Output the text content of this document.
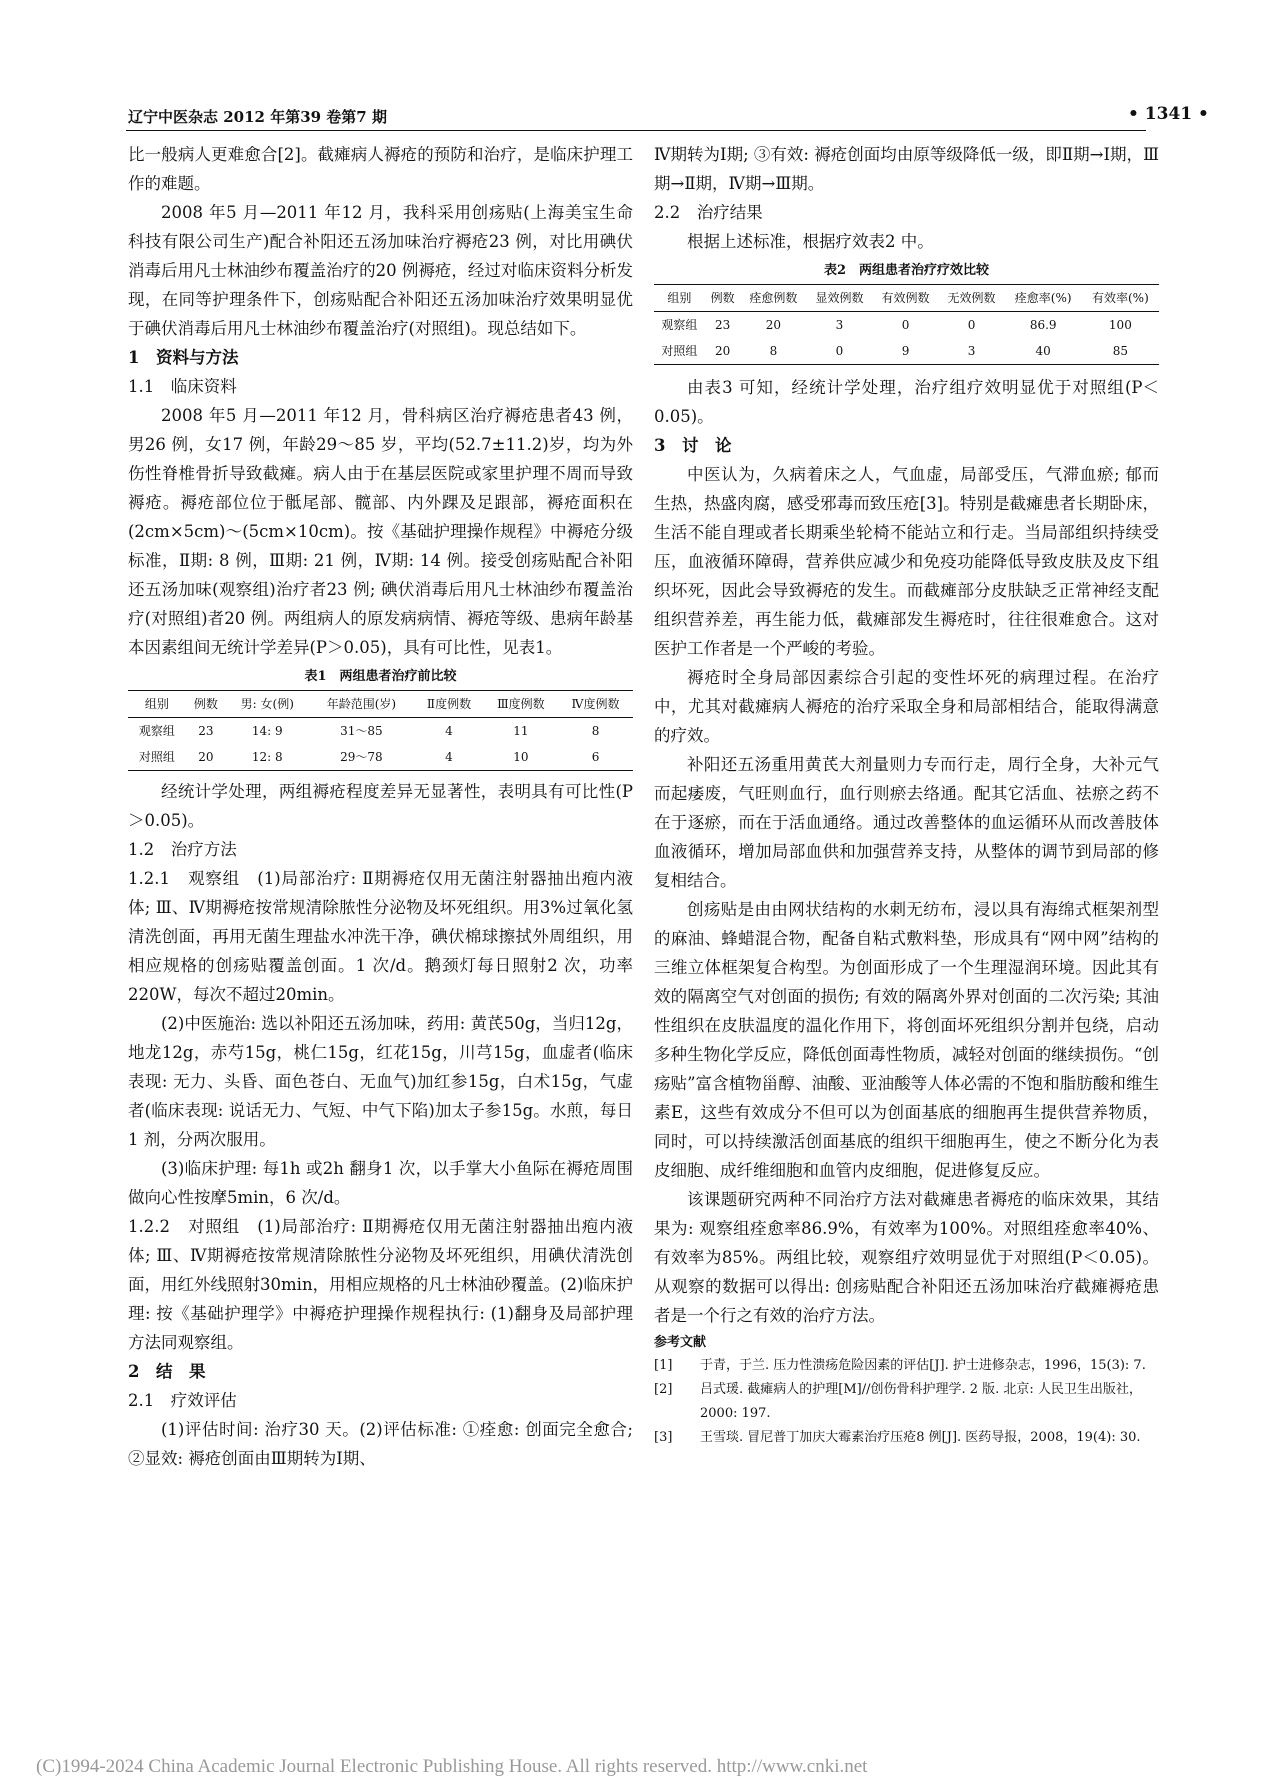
辽宁中医杂志 2012 年第39 卷第7 期	• 1341 •

比一般病人更难愈合[2]。截瘫病人褥疮的预防和治疗，是临床护理工作的难题。

2008 年5 月—2011 年12 月，我科采用创疡贴(上海美宝生命科技有限公司生产)配合补阳还五汤加味治疗褥疮23 例，对比用碘伏消毒后用凡士林油纱布覆盖治疗的20 例褥疮，经过对临床资料分析发现，在同等护理条件下，创疡贴配合补阳还五汤加味治疗效果明显优于碘伏消毒后用凡士林油纱布覆盖治疗(对照组)。现总结如下。

1　资料与方法
1.1　临床资料

2008 年5 月—2011 年12 月，骨科病区治疗褥疮患者43 例，男26 例，女17 例，年龄29～85 岁，平均(52.7±11.2)岁，均为外伤性脊椎骨折导致截瘫。病人由于在基层医院或家里护理不周而导致褥疮。褥疮部位位于骶尾部、髋部、内外踝及足跟部，褥疮面积在(2cm×5cm)～(5cm×10cm)。按《基础护理操作规程》中褥疮分级标准，Ⅱ期: 8 例，Ⅲ期: 21 例，Ⅳ期: 14 例。接受创疡贴配合补阳还五汤加味(观察组)治疗者23 例; 碘伏消毒后用凡士林油纱布覆盖治疗(对照组)者20 例。两组病人的原发病病情、褥疮等级、患病年龄基本因素组间无统计学差异(P＞0.05)，具有可比性，见表1。

表1　两组患者治疗前比较
组别	例数	男: 女(例)	年龄范围(岁)	Ⅱ度例数	Ⅲ度例数	Ⅳ度例数
观察组	23	14: 9	31～85	4	11	8
对照组	20	12: 8	29～78	4	10	6

经统计学处理，两组褥疮程度差异无显著性，表明具有可比性(P＞0.05)。

1.2　治疗方法

1.2.1　观察组　(1)局部治疗: Ⅱ期褥疮仅用无菌注射器抽出疱内液体; Ⅲ、Ⅳ期褥疮按常规清除脓性分泌物及坏死组织。用3%过氧化氢清洗创面，再用无菌生理盐水冲洗干净，碘伏棉球擦拭外周组织，用相应规格的创疡贴覆盖创面。1 次/d。鹅颈灯每日照射2 次，功率220W，每次不超过20min。

(2)中医施治: 选以补阳还五汤加味，药用: 黄芪50g，当归12g，地龙12g，赤芍15g，桃仁15g，红花15g，川芎15g，血虚者(临床表现: 无力、头昏、面色苍白、无血气)加红参15g，白术15g，气虚者(临床表现: 说话无力、气短、中气下陷)加太子参15g。水煎，每日1 剂，分两次服用。

(3)临床护理: 每1h 或2h 翻身1 次，以手掌大小鱼际在褥疮周围做向心性按摩5min，6 次/d。

1.2.2　对照组　(1)局部治疗: Ⅱ期褥疮仅用无菌注射器抽出疱内液体; Ⅲ、Ⅳ期褥疮按常规清除脓性分泌物及坏死组织，用碘伏清洗创面，用红外线照射30min，用相应规格的凡士林油砂覆盖。(2)临床护理: 按《基础护理学》中褥疮护理操作规程执行: (1)翻身及局部护理方法同观察组。

2　结　果
2.1　疗效评估

(1)评估时间: 治疗30 天。(2)评估标准: ①痊愈: 创面完全愈合; ②显效: 褥疮创面由Ⅲ期转为Ⅰ期、

Ⅳ期转为Ⅰ期; ③有效: 褥疮创面均由原等级降低一级，即Ⅱ期→Ⅰ期，Ⅲ期→Ⅱ期，Ⅳ期→Ⅲ期。

2.2　治疗结果

根据上述标准，根据疗效表2 中。

表2　两组患者治疗疗效比较
组别	例数	痊愈例数	显效例数	有效例数	无效例数	痊愈率(%)	有效率(%)
观察组	23	20	3	0	0	86.9	100
对照组	20	8	0	9	3	40	85

由表3 可知，经统计学处理，治疗组疗效明显优于对照组(P＜0.05)。

3　讨　论

中医认为，久病着床之人，气血虚，局部受压，气滞血瘀; 郁而生热，热盛肉腐，感受邪毒而致压疮[3]。特别是截瘫患者长期卧床，生活不能自理或者长期乘坐轮椅不能站立和行走。当局部组织持续受压，血液循环障碍，营养供应减少和免疫功能降低导致皮肤及皮下组织坏死，因此会导致褥疮的发生。而截瘫部分皮肤缺乏正常神经支配组织营养差，再生能力低，截瘫部发生褥疮时，往往很难愈合。这对医护工作者是一个严峻的考验。

褥疮时全身局部因素综合引起的变性坏死的病理过程。在治疗中，尤其对截瘫病人褥疮的治疗采取全身和局部相结合，能取得满意的疗效。

补阳还五汤重用黄芪大剂量则力专而行走，周行全身，大补元气而起痿废，气旺则血行，血行则瘀去络通。配其它活血、祛瘀之药不在于逐瘀，而在于活血通络。通过改善整体的血运循环从而改善肢体血液循环，增加局部血供和加强营养支持，从整体的调节到局部的修复相结合。

创疡贴是由由网状结构的水刺无纺布，浸以具有海绵式框架剂型的麻油、蜂蜡混合物，配备自粘式敷料垫，形成具有“网中网”结构的三维立体框架复合构型。为创面形成了一个生理湿润环境。因此其有效的隔离空气对创面的损伤; 有效的隔离外界对创面的二次污染; 其油性组织在皮肤温度的温化作用下，将创面坏死组织分割并包绕，启动多种生物化学反应，降低创面毒性物质，减轻对创面的继续损伤。“创疡贴”富含植物甾醇、油酸、亚油酸等人体必需的不饱和脂肪酸和维生素E，这些有效成分不但可以为创面基底的细胞再生提供营养物质，同时，可以持续激活创面基底的组织干细胞再生，使之不断分化为表皮细胞、成纤维细胞和血管内皮细胞，促进修复反应。

该课题研究两种不同治疗方法对截瘫患者褥疮的临床效果，其结果为: 观察组痊愈率86.9%，有效率为100%。对照组痊愈率40%、有效率为85%。两组比较，观察组疗效明显优于对照组(P＜0.05)。从观察的数据可以得出: 创疡贴配合补阳还五汤加味治疗截瘫褥疮患者是一个行之有效的治疗方法。

参考文献
[1]	于青，于兰. 压力性溃疡危险因素的评估[J]. 护士进修杂志，1996，15(3): 7.
[2]	吕式瑗. 截瘫病人的护理[M]//创伤骨科护理学. 2 版. 北京: 人民卫生出版社，2000: 197.
[3]	王雪琰. 冒尼普丁加庆大霉素治疗压疮8 例[J]. 医药导报，2008，19(4): 30.
(C)1994-2024 China Academic Journal Electronic Publishing House. All rights reserved. http://www.cnki.net
